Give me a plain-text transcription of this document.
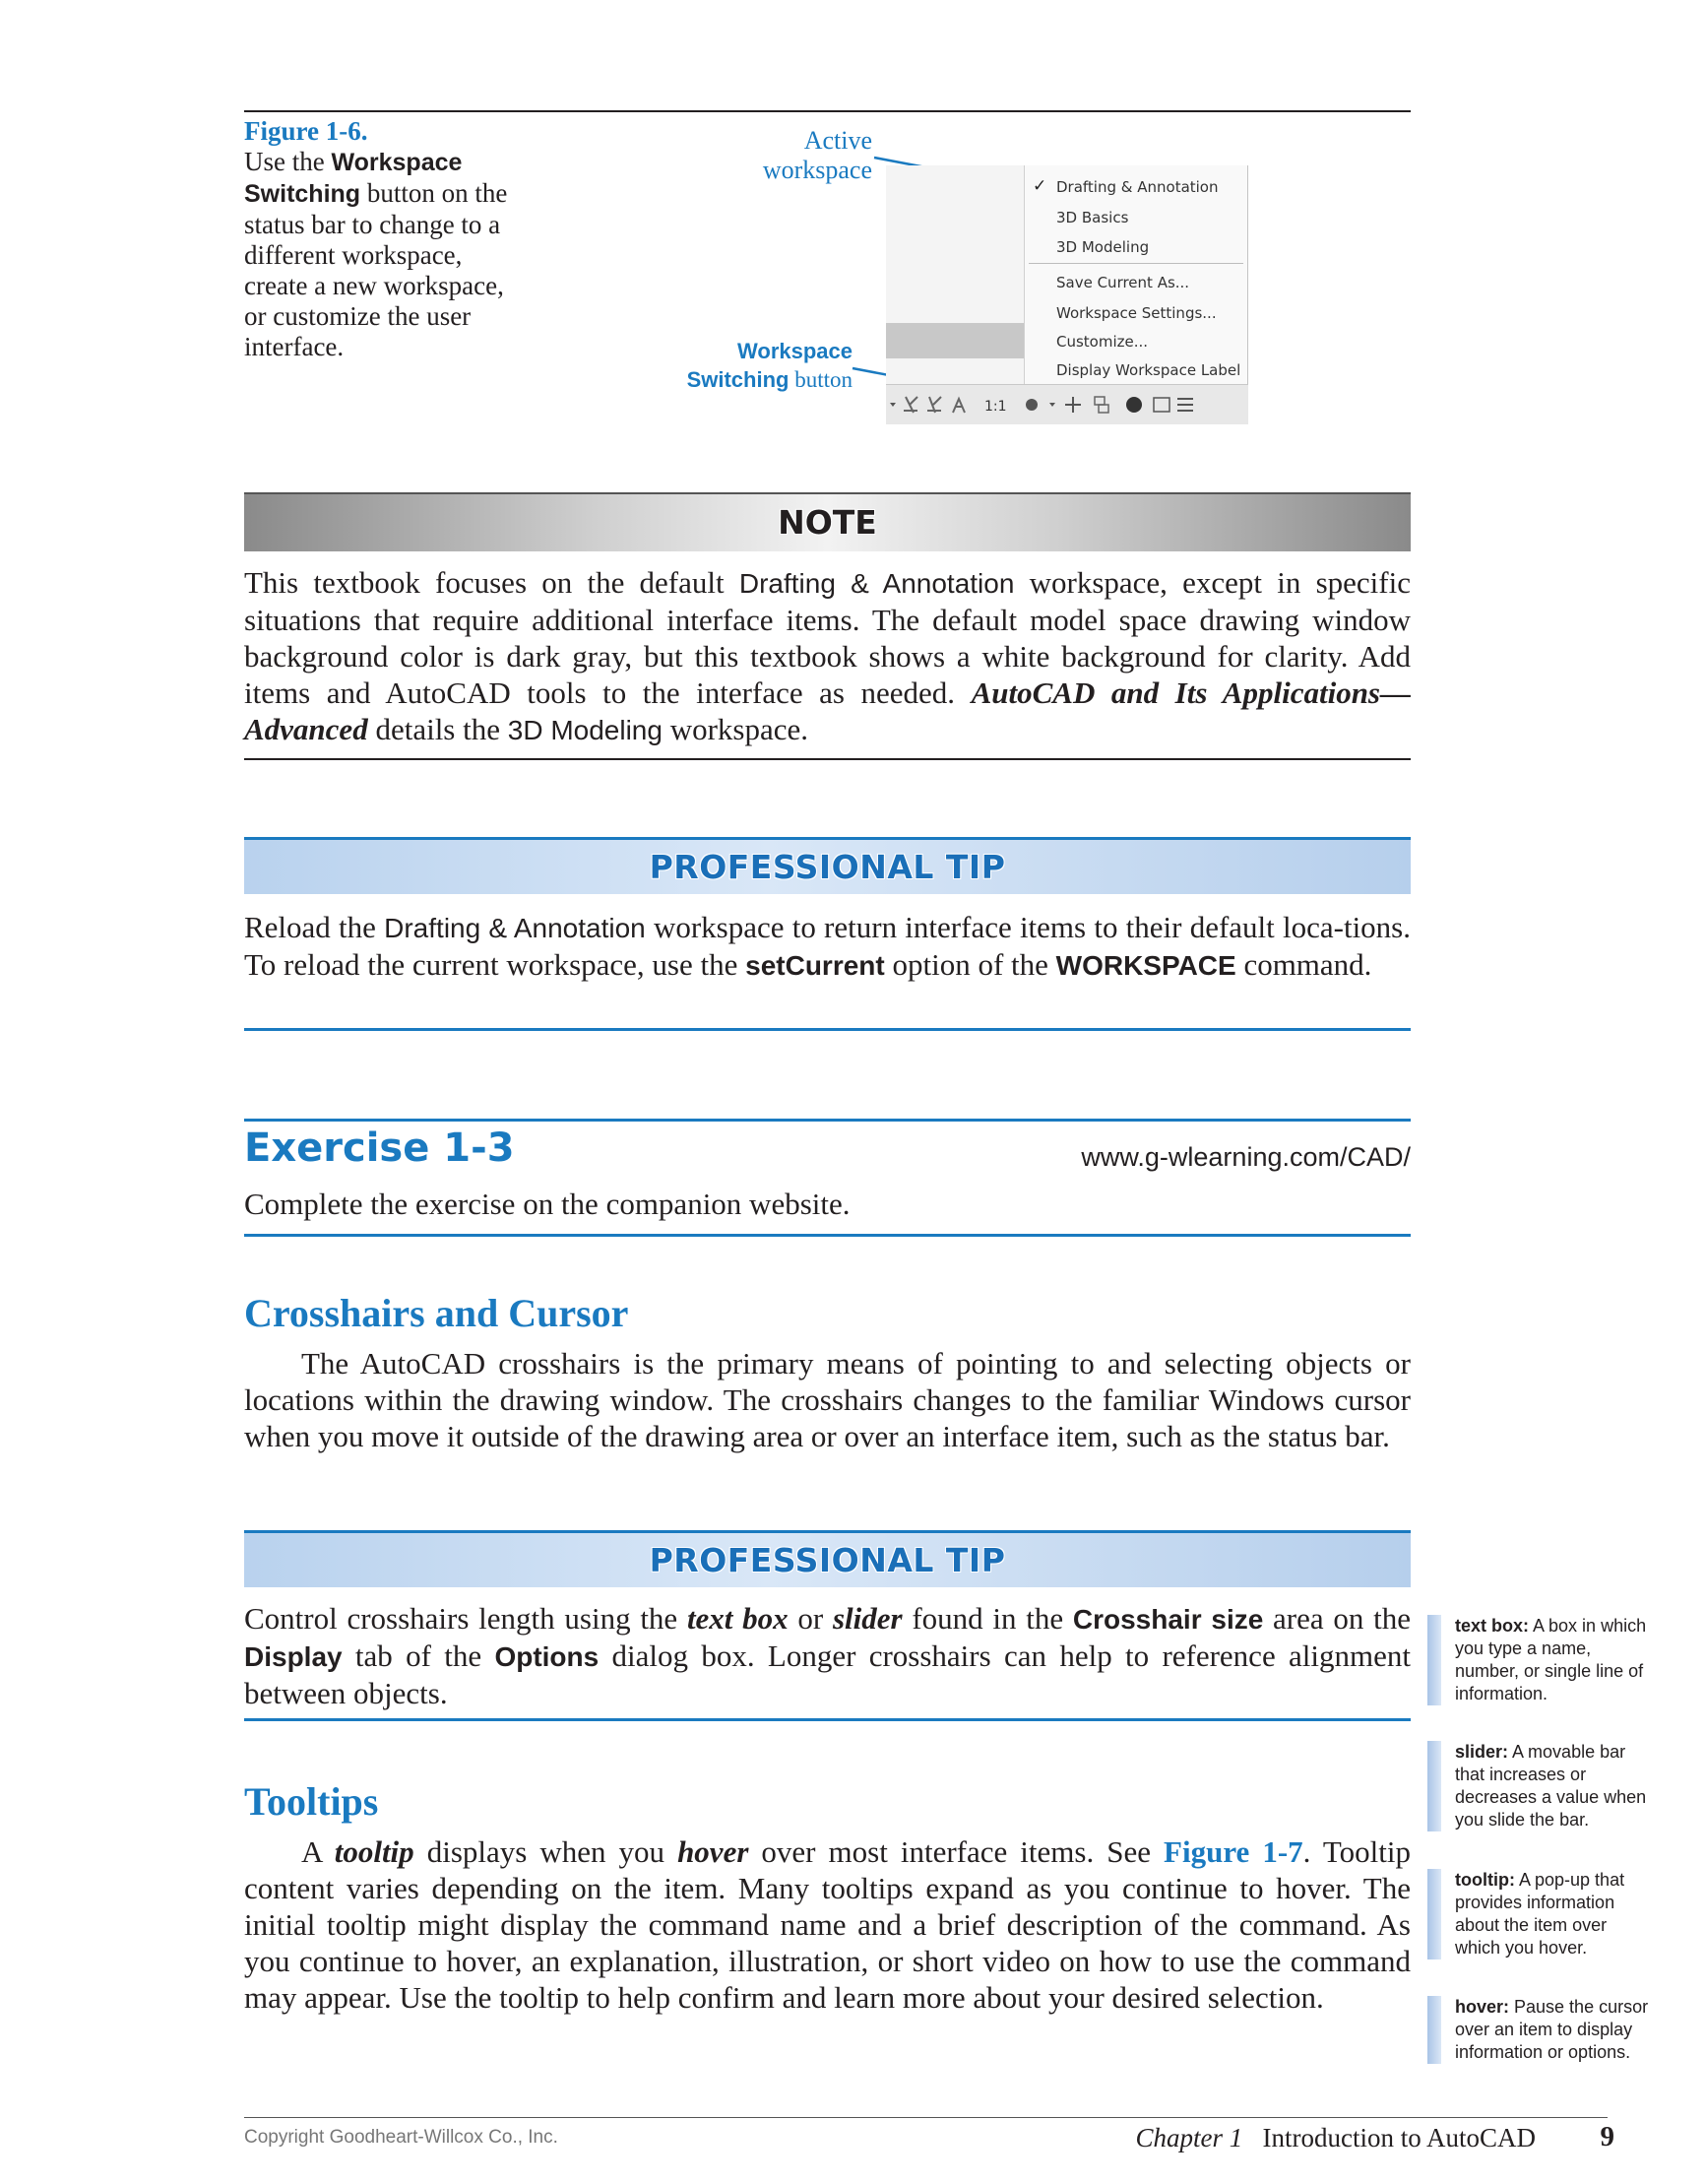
Figure 1-6.
Use the Workspace Switching button on the status bar to change to a different workspace, create a new workspace, or customize the user interface.
Active
workspace
Workspace
Switching button
✓ Drafting & Annotation
3D Basics
3D Modeling
Save Current As...
Workspace Settings...
Customize...
Display Workspace Label
1:1
NOTE
This textbook focuses on the default Drafting & Annotation workspace, except in specific situations that require additional interface items. The default model space drawing window background color is dark gray, but this textbook shows a white background for clarity. Add items and AutoCAD tools to the interface as needed. AutoCAD and Its Applications—Advanced details the 3D Modeling workspace.
PROFESSIONAL TIP
Reload the Drafting & Annotation workspace to return interface items to their default loca-tions. To reload the current workspace, use the setCurrent option of the WORKSPACE command.
Exercise 1-3	www.g-wlearning.com/CAD/
Complete the exercise on the companion website.
Crosshairs and Cursor
The AutoCAD crosshairs is the primary means of pointing to and selecting objects or locations within the drawing window. The crosshairs changes to the familiar Windows cursor when you move it outside of the drawing area or over an interface item, such as the status bar.
PROFESSIONAL TIP
Control crosshairs length using the text box or slider found in the Crosshair size area on the Display tab of the Options dialog box. Longer crosshairs can help to reference alignment between objects.
Tooltips
A tooltip displays when you hover over most interface items. See Figure 1-7. Tooltip content varies depending on the item. Many tooltips expand as you continue to hover. The initial tooltip might display the command name and a brief description of the command. As you continue to hover, an explanation, illustration, or short video on how to use the command may appear. Use the tooltip to help confirm and learn more about your desired selection.
text box: A box in which you type a name, number, or single line of information.
slider: A movable bar that increases or decreases a value when you slide the bar.
tooltip: A pop-up that provides information about the item over which you hover.
hover: Pause the cursor over an item to display information or options.
Copyright Goodheart-Willcox Co., Inc.	Chapter 1 Introduction to AutoCAD	9
